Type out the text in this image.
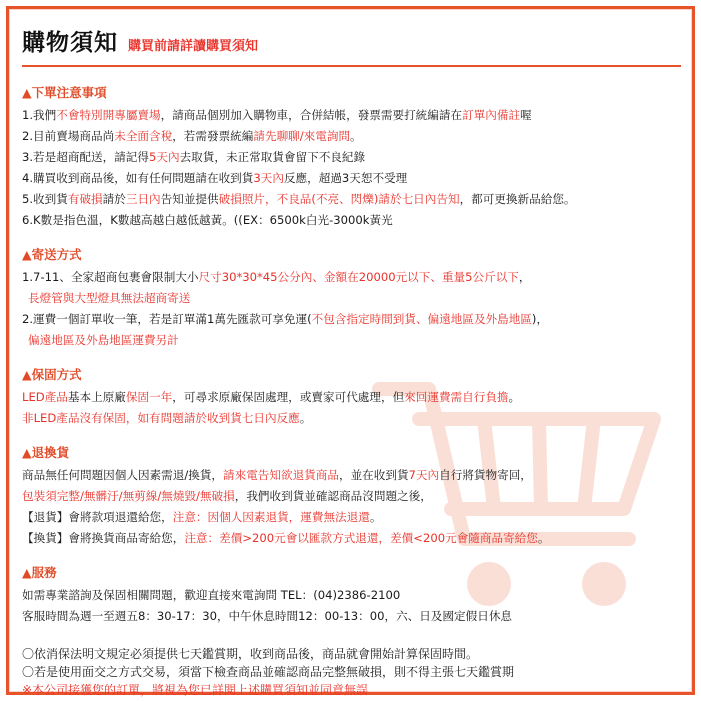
購物須知 購買前請詳讀購買須知
▲下單注意事項
1.我們不會特別開專屬賣場，請商品個別加入購物車，合併結帳，發票需要打統編請在訂單內備註喔
2.目前賣場商品尚未全面含稅，若需發票統編請先聊聊/來電詢問。
3.若是超商配送，請記得5天內去取貨，未正常取貨會留下不良紀錄
4.購買收到商品後，如有任何問題請在收到貨3天內反應，超過3天恕不受理
5.收到貨有破損請於三日內告知並提供破損照片，不良品(不亮、閃爍)請於七日內告知，都可更換新品給您。
6.K數是指色溫，K數越高越白越低越黃。((EX：6500k白光-3000k黃光
▲寄送方式
1.7-11、全家超商包裹會限制大小尺寸30*30*45公分內、金額在20000元以下、重量5公斤以下，
長燈管與大型燈具無法超商寄送
2.運費一個訂單收一筆，若是訂單滿1萬先匯款可享免運(不包含指定時間到貨、偏遠地區及外島地區)，
偏遠地區及外島地區運費另計
▲保固方式
LED產品基本上原廠保固一年，可尋求原廠保固處理，或賣家可代處理，但來回運費需自行負擔。
非LED產品沒有保固，如有問題請於收到貨七日內反應。
▲退換貨
商品無任何問題因個人因素需退/換貨，請來電告知欲退貨商品，並在收到貨7天內自行將貨物寄回，
包裝須完整/無髒汙/無剪線/無燒毀/無破損，我們收到貨並確認商品沒問題之後，
【退貨】會將款項退還給您，注意：因個人因素退貨，運費無法退還。
【換貨】會將換貨商品寄給您，注意：差價>200元會以匯款方式退還，差價<200元會隨商品寄給您。
▲服務
如需專業諮詢及保固相關問題，歡迎直接來電詢問 TEL：(04)2386-2100
客服時間為週一至週五8：30-17：30，中午休息時間12：00-13：00，六、日及國定假日休息
〇依消保法明文規定必須提供七天鑑賞期，收到商品後，商品就會開始計算保固時間。
〇若是使用面交之方式交易，須當下檢查商品並確認商品完整無破損，則不得主張七天鑑賞期
※本公司接獲您的訂單，將視為您已詳閱上述購買須知並同意無誤
